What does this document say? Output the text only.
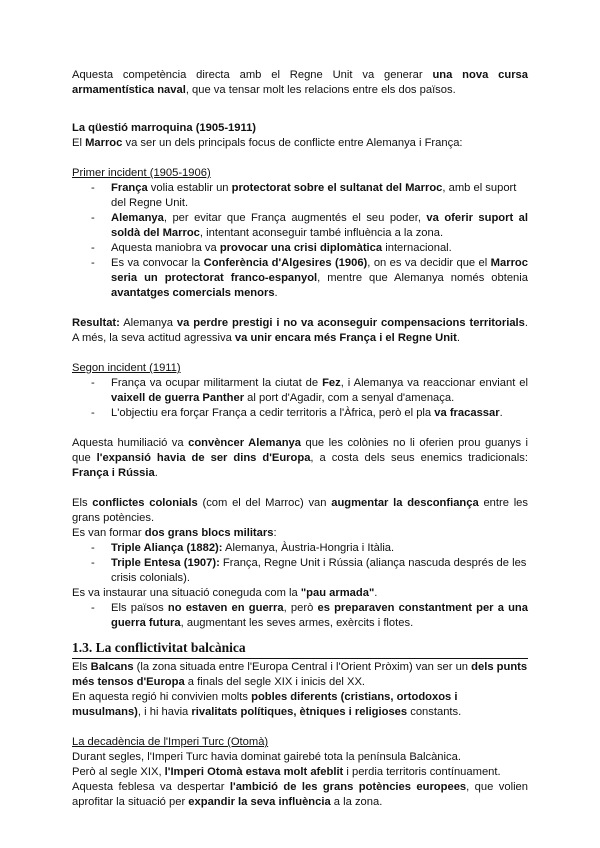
Aquesta competència directa amb el Regne Unit va generar una nova cursa armamentística naval, que va tensar molt les relacions entre els dos països.

La qüestió marroquina (1905-1911)

El Marroc va ser un dels principals focus de conflicte entre Alemanya i França:

Primer incident (1905-1906)

- França volia establir un protectorat sobre el sultanat del Marroc, amb el suport del Regne Unit.
- Alemanya, per evitar que França augmentés el seu poder, va oferir suport al soldà del Marroc, intentant aconseguir també influència a la zona.
- Aquesta maniobra va provocar una crisi diplomàtica internacional.
- Es va convocar la Conferència d'Algesires (1906), on es va decidir que el Marroc seria un protectorat franco-espanyol, mentre que Alemanya només obtenia avantatges comercials menors.

Resultat: Alemanya va perdre prestigi i no va aconseguir compensacions territorials. A més, la seva actitud agressiva va unir encara més França i el Regne Unit.

Segon incident (1911)

- França va ocupar militarment la ciutat de Fez, i Alemanya va reaccionar enviant el vaixell de guerra Panther al port d'Agadir, com a senyal d'amenaça.
- L'objectiu era forçar França a cedir territoris a l'Àfrica, però el pla va fracassar.

Aquesta humiliació va convèncer Alemanya que les colònies no li oferien prou guanys i que l'expansió havia de ser dins d'Europa, a costa dels seus enemics tradicionals: França i Rússia.

Els conflictes colonials (com el del Marroc) van augmentar la desconfiança entre les grans potències.

Es van formar dos grans blocs militars:

- Triple Aliança (1882): Alemanya, Àustria-Hongria i Itàlia.
- Triple Entesa (1907): França, Regne Unit i Rússia (aliança nascuda després de les crisis colonials).

Es va instaurar una situació coneguda com la "pau armada".

- Els països no estaven en guerra, però es preparaven constantment per a una guerra futura, augmentant les seves armes, exèrcits i flotes.

1.3. La conflictivitat balcànica

Els Balcans (la zona situada entre l'Europa Central i l'Orient Pròxim) van ser un dels punts més tensos d'Europa a finals del segle XIX i inicis del XX.

En aquesta regió hi convivien molts pobles diferents (cristians, ortodoxos i musulmans), i hi havia rivalitats polítiques, ètniques i religioses constants.

La decadència de l'Imperi Turc (Otomà)

Durant segles, l'Imperi Turc havia dominat gairebé tota la península Balcànica.

Però al segle XIX, l'Imperi Otomà estava molt afeblit i perdia territoris contínuament.

Aquesta feblesa va despertar l'ambició de les grans potències europees, que volien aprofitar la situació per expandir la seva influència a la zona.
